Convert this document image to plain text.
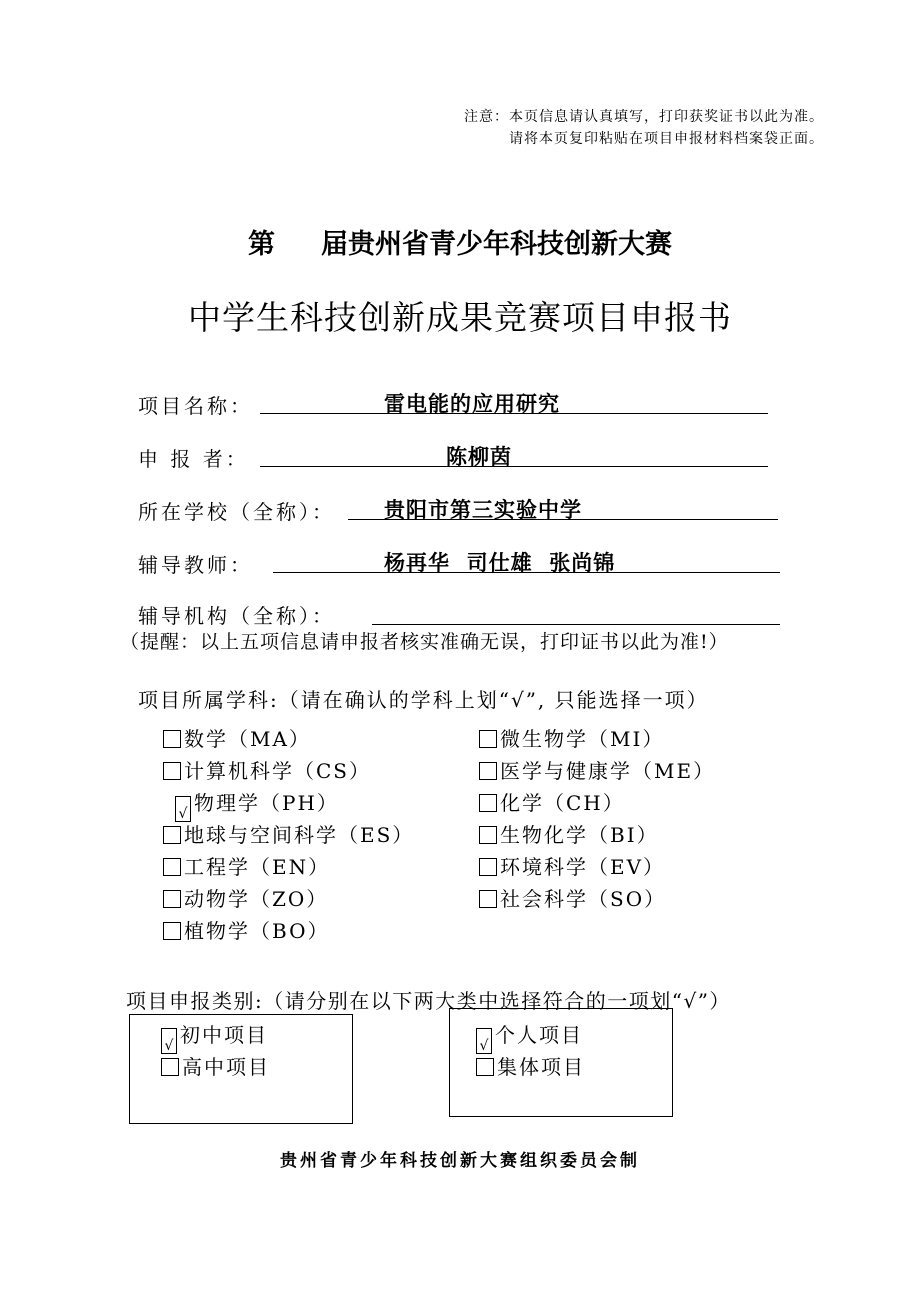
注意：本页信息请认真填写，打印获奖证书以此为准。
请将本页复印粘贴在项目申报材料档案袋正面。
第 届贵州省青少年科技创新大赛
中学生科技创新成果竞赛项目申报书
项目名称：	雷电能的应用研究
申 报 者：	陈柳茵
所在学校（全称）： 贵阳市第三实验中学
辅导教师：	杨再华  司仕雄  张尚锦
辅导机构（全称）：
（提醒：以上五项信息请申报者核实准确无误，打印证书以此为准!）
项目所属学科:（请在确认的学科上划“√”, 只能选择一项）
数学（MA）
计算机科学（CS）
√ 物理学（PH）
地球与空间科学（ES）
工程学（EN）
动物学（ZO）
植物学（BO）
微生物学（MI）
医学与健康学（ME）
化学（CH）
生物化学（BI）
环境科学（EV）
社会科学（SO）
项目申报类别:（请分别在以下两大类中选择符合的一项划“√”）
√ 初中项目
高中项目
√ 个人项目
集体项目
贵州省青少年科技创新大赛组织委员会制
